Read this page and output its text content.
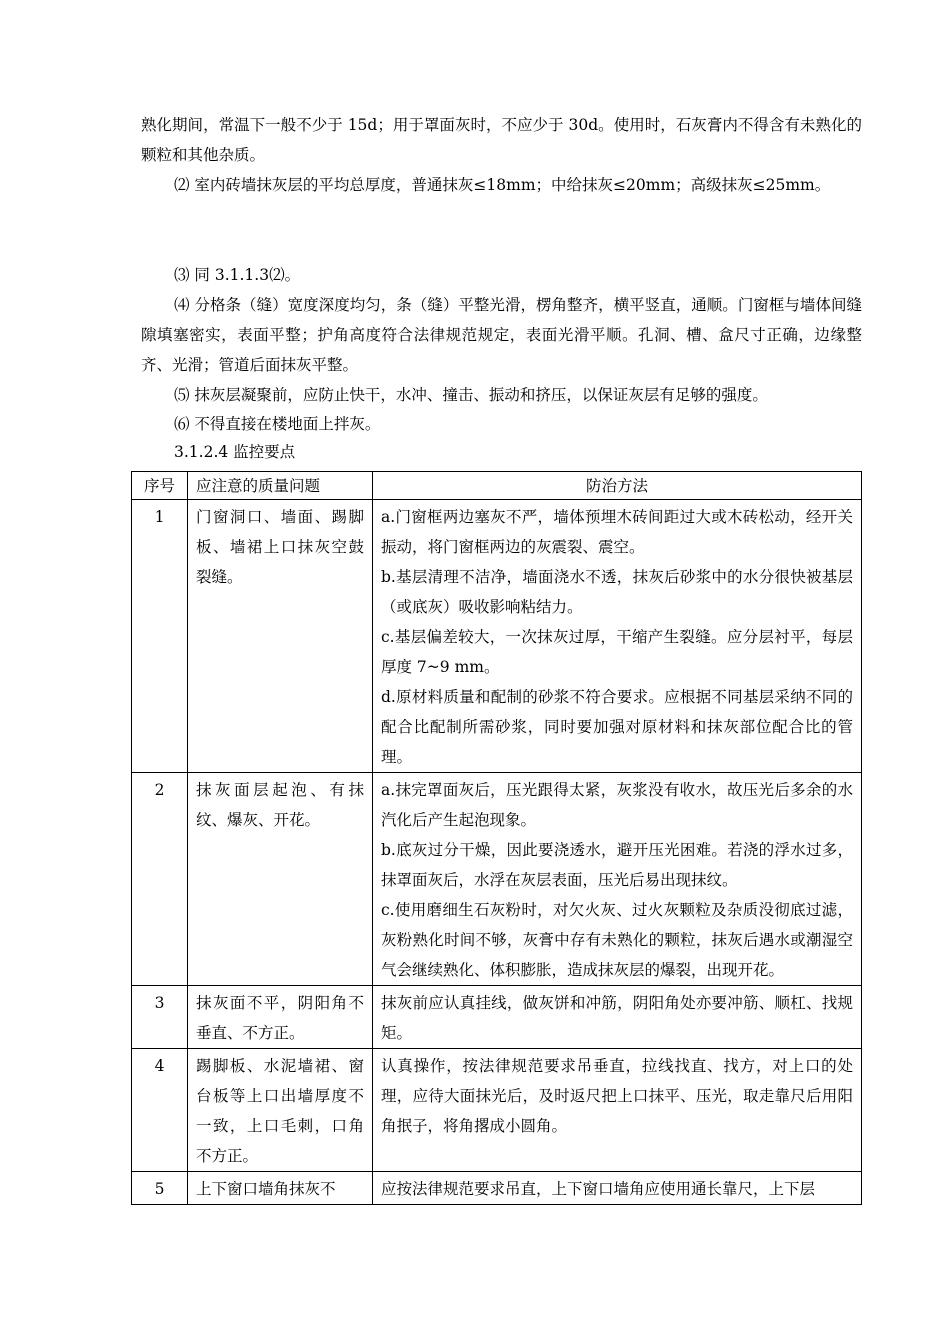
熟化期间，常温下一般不少于 15d；用于罩面灰时，不应少于 30d。使用时，石灰膏内不得含有未熟化的颗粒和其他杂质。

⑵ 室内砖墙抹灰层的平均总厚度，普通抹灰≤18mm；中给抹灰≤20mm；高级抹灰≤25mm。

⑶ 同 3.1.1.3⑵。

⑷ 分格条（缝）宽度深度均匀，条（缝）平整光滑，楞角整齐，横平竖直，通顺。门窗框与墙体间缝隙填塞密实，表面平整；护角高度符合法律规范规定，表面光滑平顺。孔洞、槽、盒尺寸正确，边缘整齐、光滑；管道后面抹灰平整。

⑸ 抹灰层凝聚前，应防止快干，水冲、撞击、振动和挤压，以保证灰层有足够的强度。

⑹ 不得直接在楼地面上拌灰。

3.1.2.4 监控要点

序号	应注意的质量问题	防治方法
1	门窗洞口、墙面、踢脚板、墙裙上口抹灰空鼓裂缝。	a.门窗框两边塞灰不严，墙体预埋木砖间距过大或木砖松动，经开关振动，将门窗框两边的灰震裂、震空。

b.基层清理不洁净，墙面浇水不透，抹灰后砂浆中的水分很快被基层（或底灰）吸收影响粘结力。

c.基层偏差较大，一次抹灰过厚，干缩产生裂缝。应分层衬平，每层厚度 7~9 mm。

d.原材料质量和配制的砂浆不符合要求。应根据不同基层采纳不同的配合比配制所需砂浆，同时要加强对原材料和抹灰部位配合比的管理。

2	抹灰面层起泡、有抹纹、爆灰、开花。	a.抹完罩面灰后，压光跟得太紧，灰浆没有收水，故压光后多余的水汽化后产生起泡现象。

b.底灰过分干燥，因此要浇透水，避开压光困难。若浇的浮水过多，抹罩面灰后，水浮在灰层表面，压光后易出现抹纹。

c.使用磨细生石灰粉时，对欠火灰、过火灰颗粒及杂质没彻底过滤，灰粉熟化时间不够，灰膏中存有未熟化的颗粒，抹灰后遇水或潮湿空气会继续熟化、体积膨胀，造成抹灰层的爆裂，出现开花。

3	抹灰面不平，阴阳角不垂直、不方正。	抹灰前应认真挂线，做灰饼和冲筋，阴阳角处亦要冲筋、顺杠、找规矩。

4	踢脚板、水泥墙裙、窗台板等上口出墙厚度不一致，上口毛刺，口角不方正。	认真操作，按法律规范要求吊垂直，拉线找直、找方，对上口的处理，应待大面抹光后，及时返尺把上口抹平、压光，取走靠尺后用阳角抿子，将角撂成小圆角。

5	上下窗口墙角抹灰不	应按法律规范要求吊直，上下窗口墙角应使用通长靠尺，上下层
